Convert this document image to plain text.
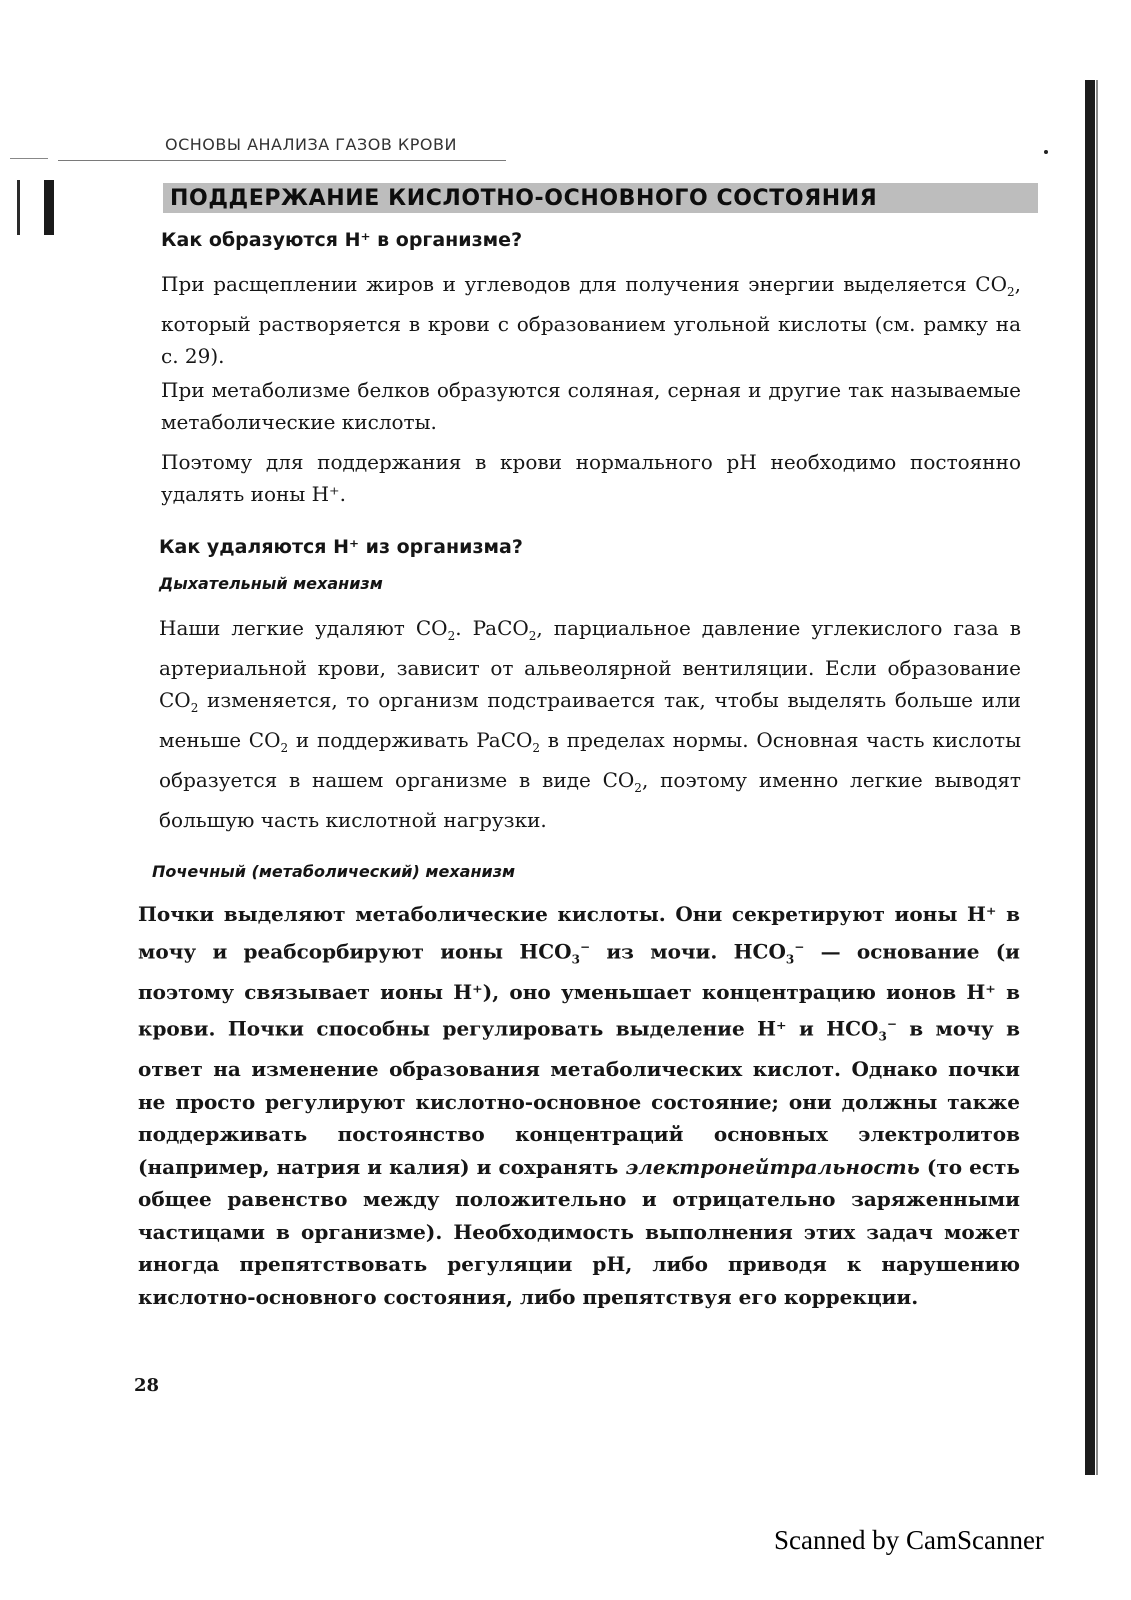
ОСНОВЫ АНАЛИЗА ГАЗОВ КРОВИ
ПОДДЕРЖАНИЕ КИСЛОТНО-ОСНОВНОГО СОСТОЯНИЯ
Как образуются H⁺ в организме?

При расщеплении жиров и углеводов для получения энергии выделяется $CO_2$, который растворяется в крови с образованием угольной кислоты (см. рамку на с. 29).

При метаболизме белков образуются соляная, серная и другие так называемые метаболические кислоты.

Поэтому для поддержания в крови нормального pH необходимо постоянно удалять ионы H⁺.

Как удаляются H⁺ из организма?
Дыхательный механизм

Наши легкие удаляют $CO_2$. PaCO$_2$, парциальное давление углекислого газа в артериальной крови, зависит от альвеолярной вентиляции. Если образование $CO_2$ изменяется, то организм подстраивается так, чтобы выделять больше или меньше $CO_2$ и поддерживать PaCO$_2$ в пределах нормы. Основная часть кислоты образуется в нашем организме в виде $CO_2$, поэтому именно легкие выводят большую часть кислотной нагрузки.

Почечный (метаболический) механизм

Почки выделяют метаболические кислоты. Они секретируют ионы H⁺ в мочу и реабсорбируют ионы $HCO_3^-$ из мочи. $HCO_3^-$ — основание (и поэтому связывает ионы H⁺), оно уменьшает концентрацию ионов H⁺ в крови. Почки способны регулировать выделение H⁺ и $HCO_3^-$ в мочу в ответ на изменение образования метаболических кислот. Однако почки не просто регулируют кислотно-основное состояние; они должны также поддерживать постоянство концентраций основных электролитов (например, натрия и калия) и сохранять электронейтральность (то есть общее равенство между положительно и отрицательно заряженными частицами в организме). Необходимость выполнения этих задач может иногда препятствовать регуляции pH, либо приводя к нарушению кислотно-основного состояния, либо препятствуя его коррекции.

28
Scanned by CamScanner
